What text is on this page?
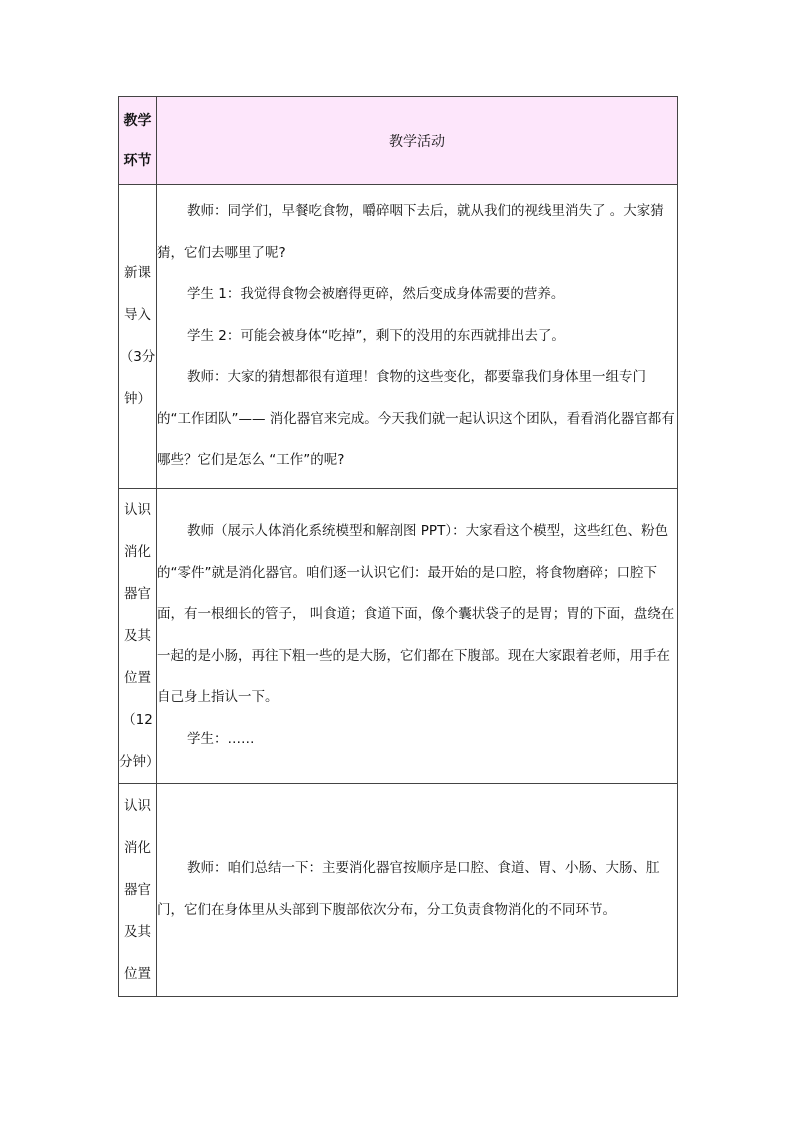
教学环节	教学活动
新课导入（3分钟）	教师：同学们，早餐吃食物，嚼碎咽下去后，就从我们的视线里消失了 。大家猜猜，它们去哪里了呢?

学生 1：我觉得食物会被磨得更碎，然后变成身体需要的营养。

学生 2：可能会被身体“吃掉”，剩下的没用的东西就排出去了。

教师：大家的猜想都很有道理！食物的这些变化，都要靠我们身体里一组专门的“工作团队”—— 消化器官来完成。今天我们就一起认识这个团队，看看消化器官都有哪些？它们是怎么 “工作”的呢?

认识消化器官及其位置（12分钟）	教师（展示人体消化系统模型和解剖图 PPT）：大家看这个模型，这些红色、粉色的“零件”就是消化器官。咱们逐一认识它们：最开始的是口腔，将食物磨碎；口腔下面，有一根细长的管子， 叫食道；食道下面，像个囊状袋子的是胃；胃的下面，盘绕在一起的是小肠，再往下粗一些的是大肠，它们都在下腹部。现在大家跟着老师，用手在自己身上指认一下。

学生：……

认识消化器官及其位置	教师：咱们总结一下：主要消化器官按顺序是口腔、食道、胃、小肠、大肠、肛门，它们在身体里从头部到下腹部依次分布，分工负责食物消化的不同环节。
